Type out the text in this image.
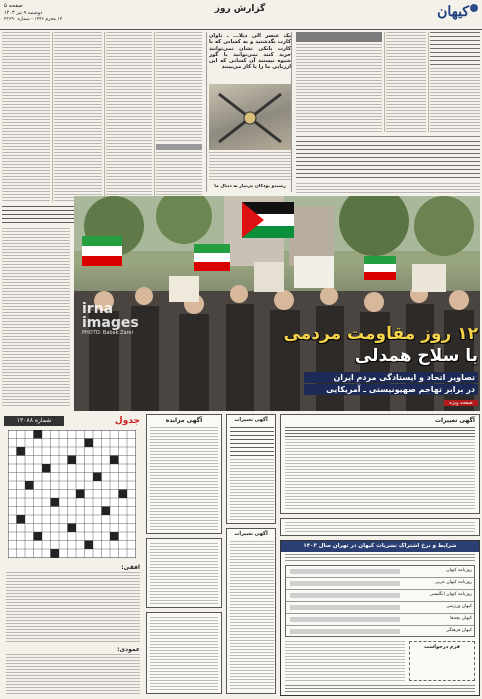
صفحه ۵
دوشنبه ۹ تیر ۱۴۰۳
۱۴ محرم ۱۴۴۶ - شماره ۲۳۶۹۰
گزارش روز	کیهان
یک عنصر آلی ذیلا... ـ تاوان کارت نگذشتید و به کسانی که با کارت بانکی نشان نمی‌توانند خرید کنند نمی‌توانید با گور شیوه نیستند آن کسانی که این ارزیابی ما را با کار می‌بینند
رشیدو بودگان بی‌نیاز به دنبال ما
irna
images
PHOTO: Babak Zarei	۱۲ روز مقاومت مردمی
با سلاح همدلی
تصاویر اتحاد و ایستادگی مردم ایران
در برابر تهاجم صهیونیستی ـ آمریکایی
صفحه ویژه
جدول
شماره ۱۳۰۸۸
افقی:
عمودی:
آگهی مزایده	آگهی تغییرات
آگهی تغییرات
آگهی تغییرات
شرایط و نرخ اشتراک نشریات کیهان در تهران سال ۱۴۰۳
روزنامه کیهان
روزنامه کیهان عربی
روزنامه کیهان انگلیسی
کیهان ورزشی
کیهان بچه‌ها
کیهان فرهنگی
فرم درخواست
